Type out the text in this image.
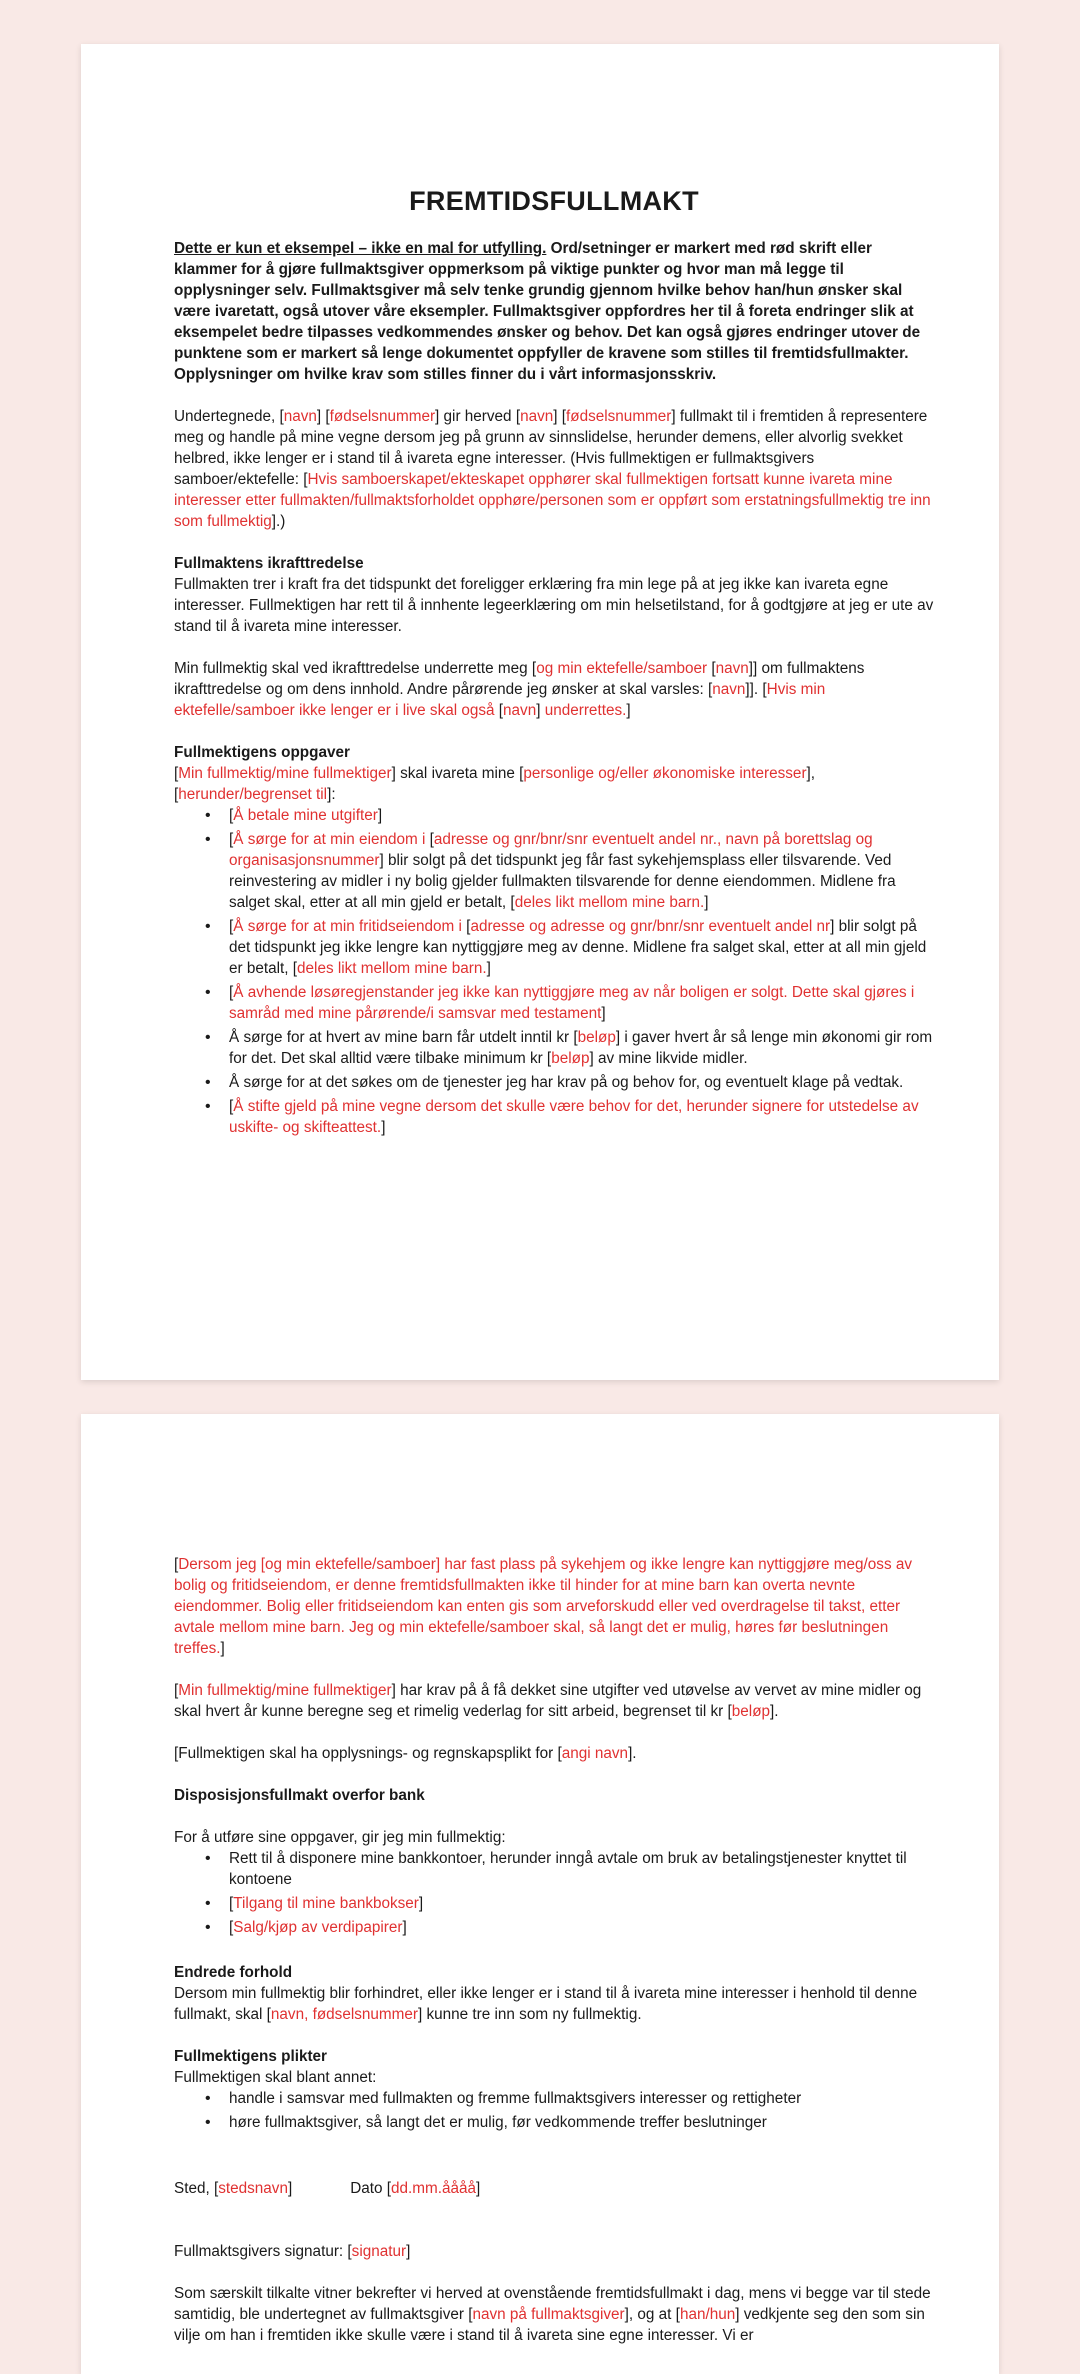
FREMTIDSFULLMAKT

Dette er kun et eksempel – ikke en mal for utfylling. Ord/setninger er markert med rød skrift eller klammer for å gjøre fullmaktsgiver oppmerksom på viktige punkter og hvor man må legge til opplysninger selv. Fullmaktsgiver må selv tenke grundig gjennom hvilke behov han/hun ønsker skal være ivaretatt, også utover våre eksempler. Fullmaktsgiver oppfordres her til å foreta endringer slik at eksempelet bedre tilpasses vedkommendes ønsker og behov. Det kan også gjøres endringer utover de punktene som er markert så lenge dokumentet oppfyller de kravene som stilles til fremtidsfullmakter. Opplysninger om hvilke krav som stilles finner du i vårt informasjonsskriv.

Undertegnede, [navn] [fødselsnummer] gir herved [navn] [fødselsnummer] fullmakt til i fremtiden å representere meg og handle på mine vegne dersom jeg på grunn av sinnslidelse, herunder demens, eller alvorlig svekket helbred, ikke lenger er i stand til å ivareta egne interesser. (Hvis fullmektigen er fullmaktsgivers samboer/ektefelle: [Hvis samboerskapet/ekteskapet opphører skal fullmektigen fortsatt kunne ivareta mine interesser etter fullmakten/fullmaktsforholdet opphøre/personen som er oppført som erstatningsfullmektig tre inn som fullmektig].)

Fullmaktens ikrafttredelse

Fullmakten trer i kraft fra det tidspunkt det foreligger erklæring fra min lege på at jeg ikke kan ivareta egne interesser. Fullmektigen har rett til å innhente legeerklæring om min helsetilstand, for å godtgjøre at jeg er ute av stand til å ivareta mine interesser.

Min fullmektig skal ved ikrafttredelse underrette meg [og min ektefelle/samboer [navn]] om fullmaktens ikrafttredelse og om dens innhold. Andre pårørende jeg ønsker at skal varsles: [navn]]. [Hvis min ektefelle/samboer ikke lenger er i live skal også [navn] underrettes.]

Fullmektigens oppgaver

[Min fullmektig/mine fullmektiger] skal ivareta mine [personlige og/eller økonomiske interesser], [herunder/begrenset til]:

• [Å betale mine utgifter]
• [Å sørge for at min eiendom i [adresse og gnr/bnr/snr eventuelt andel nr., navn på borettslag og organisasjonsnummer] blir solgt på det tidspunkt jeg får fast sykehjemsplass eller tilsvarende. Ved reinvestering av midler i ny bolig gjelder fullmakten tilsvarende for denne eiendommen. Midlene fra salget skal, etter at all min gjeld er betalt, [deles likt mellom mine barn.]
• [Å sørge for at min fritidseiendom i [adresse og adresse og gnr/bnr/snr eventuelt andel nr] blir solgt på det tidspunkt jeg ikke lengre kan nyttiggjøre meg av denne. Midlene fra salget skal, etter at all min gjeld er betalt, [deles likt mellom mine barn.]
• [Å avhende løsøregjenstander jeg ikke kan nyttiggjøre meg av når boligen er solgt. Dette skal gjøres i samråd med mine pårørende/i samsvar med testament]
• Å sørge for at hvert av mine barn får utdelt inntil kr [beløp] i gaver hvert år så lenge min økonomi gir rom for det. Det skal alltid være tilbake minimum kr [beløp] av mine likvide midler.
• Å sørge for at det søkes om de tjenester jeg har krav på og behov for, og eventuelt klage på vedtak.
• [Å stifte gjeld på mine vegne dersom det skulle være behov for det, herunder signere for utstedelse av uskifte- og skifteattest.]

[Dersom jeg [og min ektefelle/samboer] har fast plass på sykehjem og ikke lengre kan nyttiggjøre meg/oss av bolig og fritidseiendom, er denne fremtidsfullmakten ikke til hinder for at mine barn kan overta nevnte eiendommer. Bolig eller fritidseiendom kan enten gis som arveforskudd eller ved overdragelse til takst, etter avtale mellom mine barn. Jeg og min ektefelle/samboer skal, så langt det er mulig, høres før beslutningen treffes.]

[Min fullmektig/mine fullmektiger] har krav på å få dekket sine utgifter ved utøvelse av vervet av mine midler og skal hvert år kunne beregne seg et rimelig vederlag for sitt arbeid, begrenset til kr [beløp].

[Fullmektigen skal ha opplysnings- og regnskapsplikt for [angi navn].

Disposisjonsfullmakt overfor bank

For å utføre sine oppgaver, gir jeg min fullmektig:

• Rett til å disponere mine bankkontoer, herunder inngå avtale om bruk av betalingstjenester knyttet til kontoene
• [Tilgang til mine bankbokser]
• [Salg/kjøp av verdipapirer]
Endrede forhold

Dersom min fullmektig blir forhindret, eller ikke lenger er i stand til å ivareta mine interesser i henhold til denne fullmakt, skal [navn, fødselsnummer] kunne tre inn som ny fullmektig.

Fullmektigens plikter

Fullmektigen skal blant annet:

• handle i samsvar med fullmakten og fremme fullmaktsgivers interesser og rettigheter
• høre fullmaktsgiver, så langt det er mulig, før vedkommende treffer beslutninger

Sted, [stedsnavn]	Dato [dd.mm.åååå]

Fullmaktsgivers signatur: [signatur]

Som særskilt tilkalte vitner bekrefter vi herved at ovenstående fremtidsfullmakt i dag, mens vi begge var til stede samtidig, ble undertegnet av fullmaktsgiver [navn på fullmaktsgiver], og at [han/hun] vedkjente seg den som sin vilje om han i fremtiden ikke skulle være i stand til å ivareta sine egne interesser. Vi er
